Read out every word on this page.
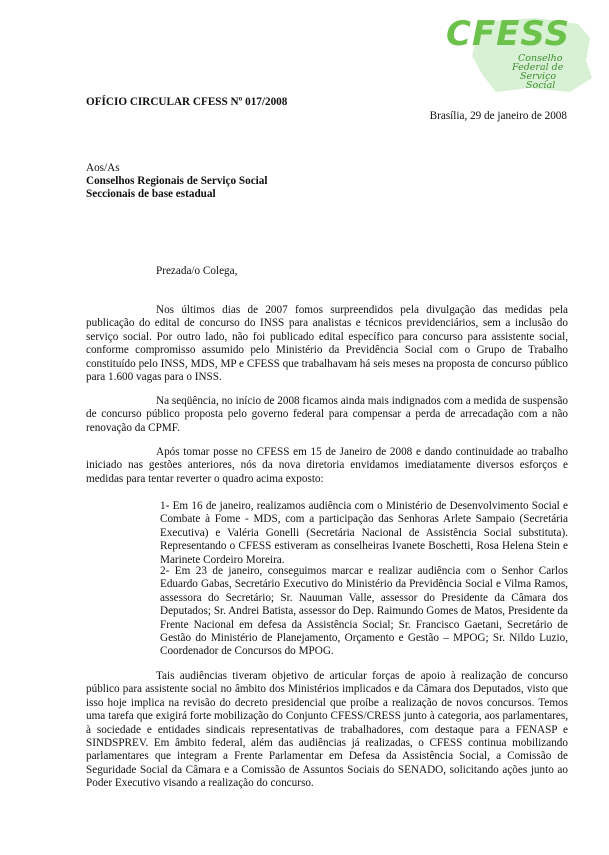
CFESS
Conselho
Federal de
Serviço
Social
OFÍCIO CIRCULAR CFESS Nº 017/2008
Brasília, 29 de janeiro de 2008
Aos/As
Conselhos Regionais de Serviço Social
Seccionais de base estadual
Prezada/o Colega,
Nos últimos dias de 2007 fomos surpreendidos pela divulgação das medidas pela publicação do edital de concurso do INSS para analistas e técnicos previdenciários, sem a inclusão do serviço social. Por outro lado, não foi publicado edital específico para concurso para assistente social, conforme compromisso assumido pelo Ministério da Previdência Social com o Grupo de Trabalho constituído pelo INSS, MDS, MP e CFESS que trabalhavam há seis meses na proposta de concurso público para 1.600 vagas para o INSS.
Na seqüência, no início de 2008 ficamos ainda mais indignados com a medida de suspensão de concurso público proposta pelo governo federal para compensar a perda de arrecadação com a não renovação da CPMF.
Após tomar posse no CFESS em 15 de Janeiro de 2008 e dando continuidade ao trabalho iniciado nas gestões anteriores, nós da nova diretoria envidamos imediatamente diversos esforços e medidas para tentar reverter o quadro acima exposto:
1- Em 16 de janeiro, realizamos audiência com o Ministério de Desenvolvimento Social e Combate à Fome - MDS, com a participação das Senhoras Arlete Sampaio (Secretária Executiva) e Valéria Gonelli (Secretária Nacional de Assistência Social substituta). Representando o CFESS estiveram as conselheiras Ivanete Boschetti, Rosa Helena Stein e Marinete Cordeiro Moreira.
2- Em 23 de janeiro, conseguimos marcar e realizar audiência com o Senhor Carlos Eduardo Gabas, Secretário Executivo do Ministério da Previdência Social e Vilma Ramos, assessora do Secretário; Sr. Nauuman Valle, assessor do Presidente da Câmara dos Deputados; Sr. Andrei Batista, assessor do Dep. Raimundo Gomes de Matos, Presidente da Frente Nacional em defesa da Assistência Social; Sr. Francisco Gaetani, Secretário de Gestão do Ministério de Planejamento, Orçamento e Gestão – MPOG; Sr. Nildo Luzio, Coordenador de Concursos do MPOG.
Tais audiências tiveram objetivo de articular forças de apoio à realização de concurso público para assistente social no âmbito dos Ministérios implicados e da Câmara dos Deputados, visto que isso hoje implica na revisão do decreto presidencial que proíbe a realização de novos concursos. Temos uma tarefa que exigirá forte mobilização do Conjunto CFESS/CRESS junto à categoria, aos parlamentares, à sociedade e entidades sindicais representativas de trabalhadores, com destaque para a FENASP e SINDSPREV. Em âmbito federal, além das audiências já realizadas, o CFESS continua mobilizando parlamentares que integram a Frente Parlamentar em Defesa da Assistência Social, a Comissão de Seguridade Social da Câmara e a Comissão de Assuntos Sociais do SENADO, solicitando ações junto ao Poder Executivo visando a realização do concurso.
